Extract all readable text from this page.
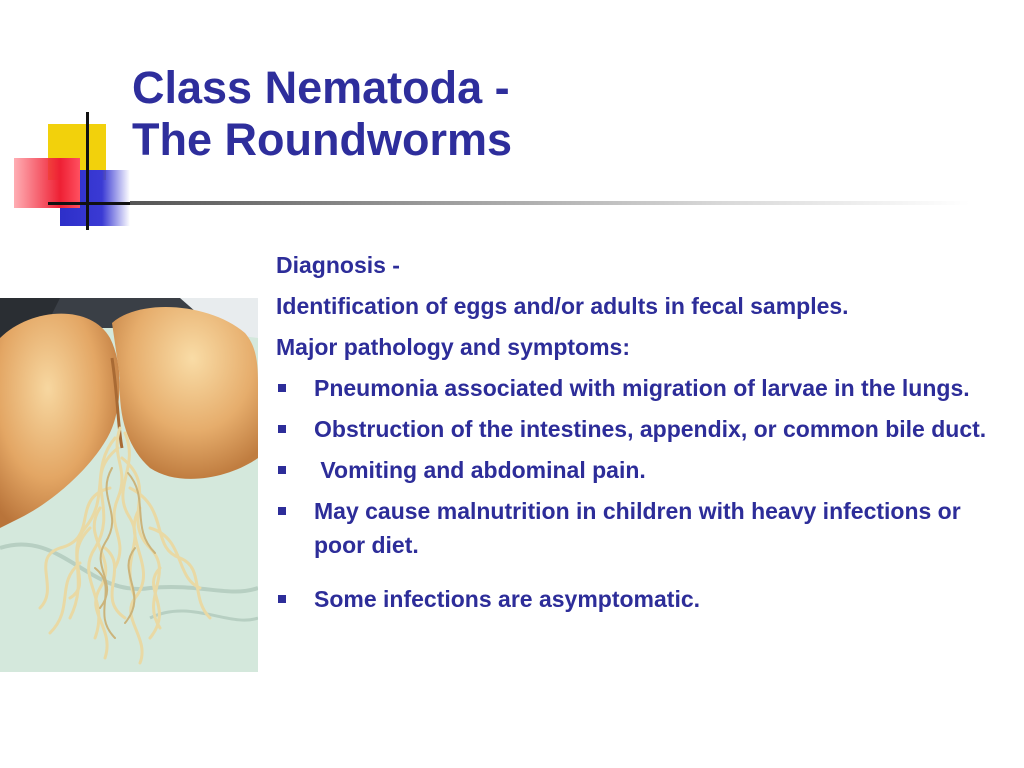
Class Nematoda -
The Roundworms

Diagnosis -

Identification of eggs and/or adults in fecal samples.

Major pathology and symptoms:

Pneumonia associated with migration of larvae in the lungs.
Obstruction of the intestines, appendix, or common bile duct.
Vomiting and abdominal pain.
May cause malnutrition in children with heavy infections or poor diet.
Some infections are asymptomatic.
